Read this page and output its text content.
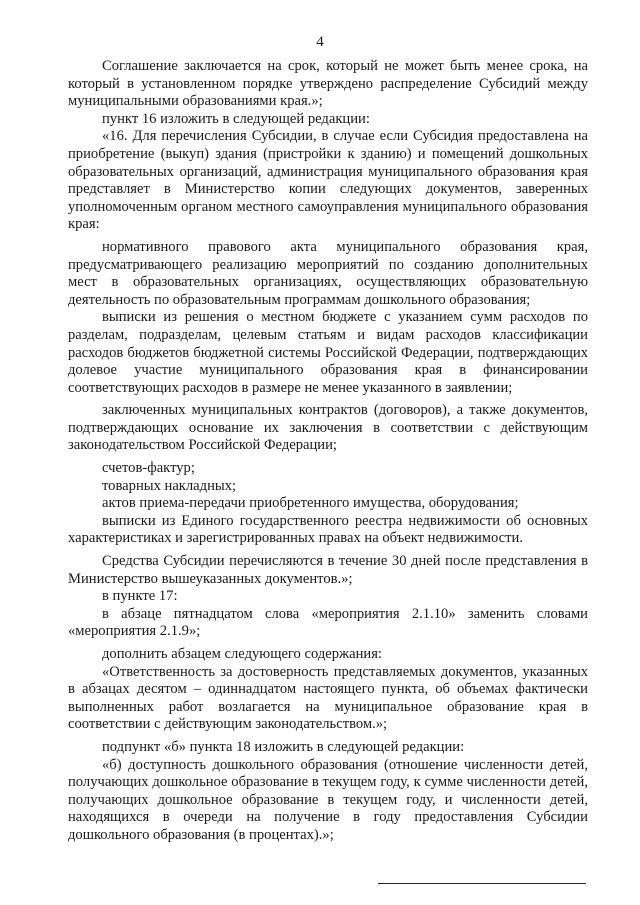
4

Соглашение заключается на срок, который не может быть менее срока, на который в установленном порядке утверждено распределение Субсидий между муниципальными образованиями края.»;

пункт 16 изложить в следующей редакции:

«16. Для перечисления Субсидии, в случае если Субсидия предоставлена на приобретение (выкуп) здания (пристройки к зданию) и помещений дошкольных образовательных организаций, администрация муниципального образования края представляет в Министерство копии следующих документов, заверенных уполномоченным органом местного самоуправления муниципального образования края:

нормативного правового акта муниципального образования края, предусматривающего реализацию мероприятий по созданию дополнительных мест в образовательных организациях, осуществляющих образовательную деятельность по образовательным программам дошкольного образования;

выписки из решения о местном бюджете с указанием сумм расходов по разделам, подразделам, целевым статьям и видам расходов классификации расходов бюджетов бюджетной системы Российской Федерации, подтверждающих долевое участие муниципального образования края в финансировании соответствующих расходов в размере не менее указанного в заявлении;

заключенных муниципальных контрактов (договоров), а также документов, подтверждающих основание их заключения в соответствии с действующим законодательством Российской Федерации;

счетов-фактур;

товарных накладных;

актов приема-передачи приобретенного имущества, оборудования;

выписки из Единого государственного реестра недвижимости об основных характеристиках и зарегистрированных правах на объект недвижимости.

Средства Субсидии перечисляются в течение 30 дней после представления в Министерство вышеуказанных документов.»;

в пункте 17:

в абзаце пятнадцатом слова «мероприятия 2.1.10» заменить словами «мероприятия 2.1.9»;

дополнить абзацем следующего содержания:

«Ответственность за достоверность представляемых документов, указанных в абзацах десятом – одиннадцатом настоящего пункта, об объемах фактически выполненных работ возлагается на муниципальное образование края в соответствии с действующим законодательством.»;

подпункт «б» пункта 18 изложить в следующей редакции:

«б) доступность дошкольного образования (отношение численности детей, получающих дошкольное образование в текущем году, к сумме численности детей, получающих дошкольное образование в текущем году, и численности детей, находящихся в очереди на получение в году предоставления Субсидии дошкольного образования (в процентах).»;
